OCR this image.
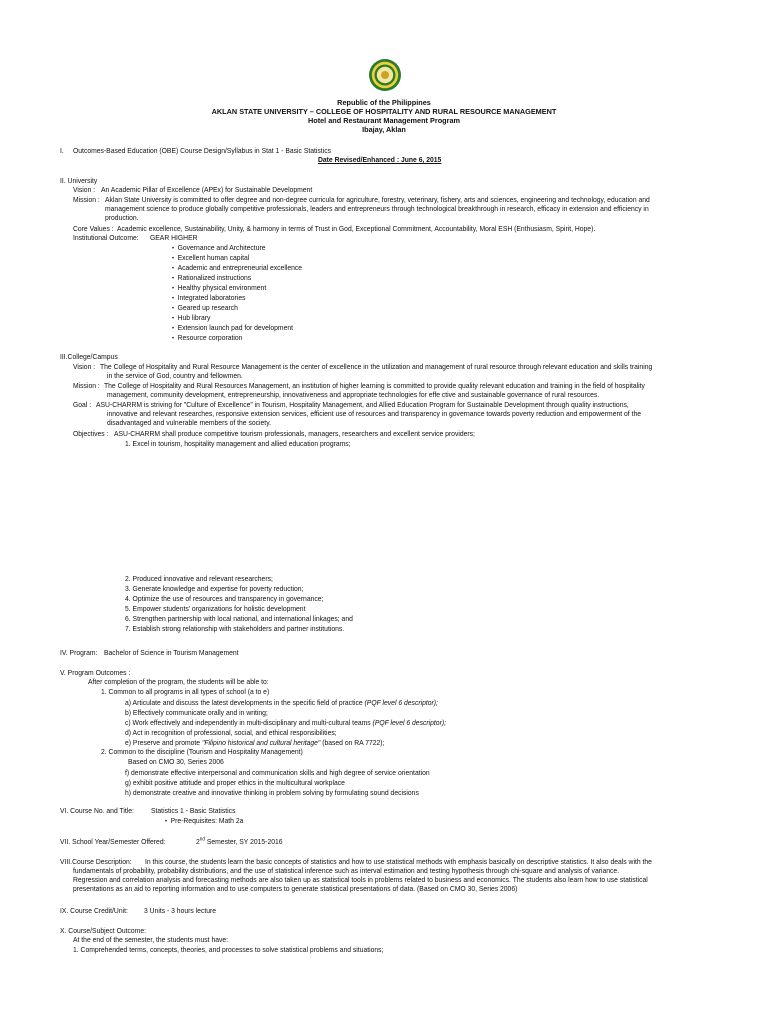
Republic of the Philippines
AKLAN STATE UNIVERSITY – COLLEGE OF HOSPITALITY AND RURAL RESOURCE MANAGEMENT
Hotel and Restaurant Management Program
Ibajay, Aklan
I. Outcomes-Based Education (OBE) Course Design/Syllabus in Stat 1 - Basic Statistics
Date Revised/Enhanced : June 6, 2015
II. University
Vision : An Academic Pillar of Excellence (APEx) for Sustainable Development
Mission : Aklan State University is committed to offer degree and non-degree curricula for agriculture, forestry, veterinary, fishery, arts and sciences, engineering and technology, education and
management science to produce globally competitive professionals, leaders and entrepreneurs through technological breakthrough in research, efficacy in extension and efficiency in
production.
Core Values : Academic excellence, Sustainability, Unity, & harmony in terms of Trust in God, Exceptional Commitment, Accountability, Moral ESH (Enthusiasm, Spirit, Hope).
Institutional Outcome: GEAR HIGHER
• Governance and Architecture
• Excellent human capital
• Academic and entrepreneurial excellence
• Rationalized instructions
• Healthy physical environment
• Integrated laboratories
• Geared up research
• Hub library
• Extension launch pad for development
• Resource corporation
III.College/Campus
Vision : The College of Hospitality and Rural Resource Management is the center of excellence in the utilization and management of rural resource through relevant education and skills training
in the service of God, country and fellowmen.
Mission : The College of Hospitality and Rural Resources Management, an institution of higher learning is committed to provide quality relevant education and training in the field of hospitality
management, community development, entrepreneurship, innovativeness and appropriate technologies for effe ctive and sustainable governance of rural resources.
Goal : ASU-CHARRM is striving for "Culture of Excellence" in Tourism, Hospitality Management, and Allied Education Program for Sustainable Development through quality instructions,
innovative and relevant researches, responsive extension services, efficient use of resources and transparency in governance towards poverty reduction and empowerment of the
disadvantaged and vulnerable members of the society.
Objectives : ASU-CHARRM shall produce competitive tourism professionals, managers, researchers and excellent service providers;
1. Excel in tourism, hospitality management and allied education programs;
2. Produced innovative and relevant researchers;
3. Generate knowledge and expertise for poverty reduction;
4. Optimize the use of resources and transparency in governance;
5. Empower students' organizations for holistic development
6. Strengthen partnership with local national, and international linkages; and
7. Establish strong relationship with stakeholders and partner institutions.
IV. Program: Bachelor of Science in Tourism Management
V. Program Outcomes :
After completion of the program, the students will be able to:
1. Common to all programs in all types of school (a to e)
a) Articulate and discuss the latest developments in the specific field of practice (PQF level 6 descriptor);
b) Effectively communicate orally and in writing;
c) Work effectively and independently in multi-disciplinary and multi-cultural teams (PQF level 6 descriptor);
d) Act in recognition of professional, social, and ethical responsibilities;
e) Preserve and promote "Filipino historical and cultural heritage" (based on RA 7722);
2. Common to the discipline (Tourism and Hospitality Management)
Based on CMO 30, Series 2006
f) demonstrate effective interpersonal and communication skills and high degree of service orientation
g) exhibit positive attitude and proper ethics in the multicultural workplace
h) demonstrate creative and innovative thinking in problem solving by formulating sound decisions
VI. Course No. and Title: Statistics 1 - Basic Statistics
• Pre-Requisites: Math 2a
VII. School Year/Semester Offered:	2nd Semester, SY 2015-2016
VIII.Course Description: In this course, the students learn the basic concepts of statistics and how to use statistical methods with emphasis basically on descriptive statistics. It also deals with the
fundamentals of probability, probability distributions, and the use of statistical inference such as interval estimation and testing hypothesis through chi-square and analysis of variance.
Regression and correlation analysis and forecasting methods are also taken up as statistical tools in problems related to business and economics. The students also learn how to use statistical
presentations as an aid to reporting information and to use computers to generate statistical presentations of data. (Based on CMO 30, Series 2006)
IX. Course Credit/Unit: 3 Units - 3 hours lecture
X. Course/Subject Outcome:
At the end of the semester, the students must have:
1. Comprehended terms, concepts, theories, and processes to solve statistical problems and situations;
